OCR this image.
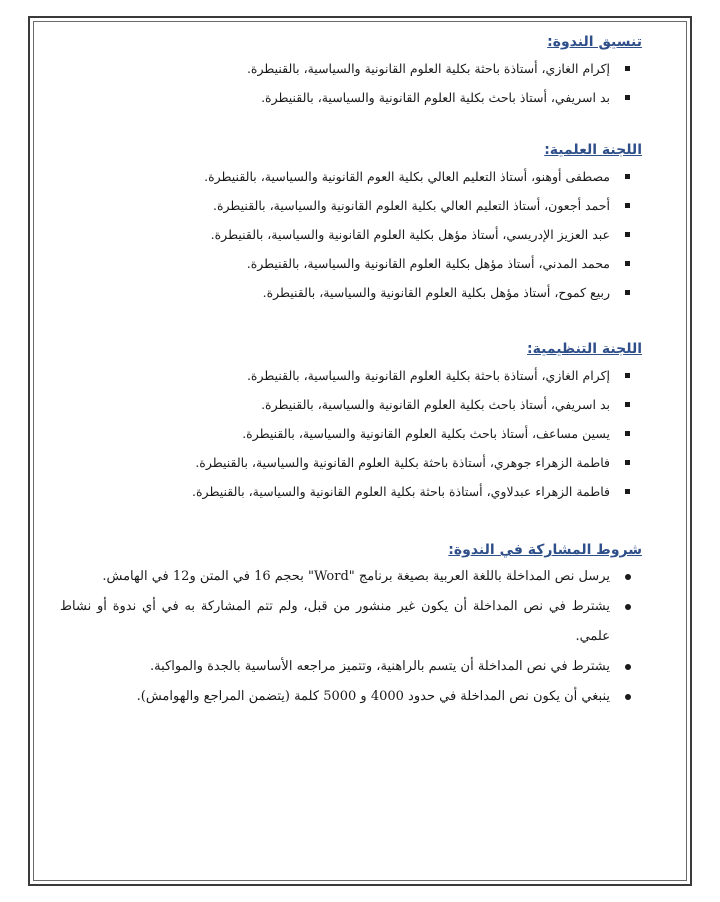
تنسيق الندوة:
إكرام الغازي، أستاذة باحثة بكلية العلوم القانونية والسياسية، بالقنيطرة.
بد اسريفي، أستاذ باحث بكلية العلوم القانونية والسياسية، بالقنيطرة.
اللجنة العلمية:
مصطفى أوهنو، أستاذ التعليم العالي بكلية العوم القانونية والسياسية، بالقنيطرة.
أحمد أجعون، أستاذ التعليم العالي بكلية العلوم القانونية والسياسية، بالقنيطرة.
عبد العزيز الإدريسي، أستاذ مؤهل بكلية العلوم القانونية والسياسية، بالقنيطرة.
محمد المدني، أستاذ مؤهل بكلية العلوم القانونية والسياسية، بالقنيطرة.
ربيع كموح، أستاذ مؤهل بكلية العلوم القانونية والسياسية، بالقنيطرة.
اللجنة التنظيمية:
إكرام الغازي، أستاذة باحثة بكلية العلوم القانونية والسياسية، بالقنيطرة.
بد اسريفي، أستاذ باحث بكلية العلوم القانونية والسياسية، بالقنيطرة.
يسين مساعف، أستاذ باحث بكلية العلوم القانونية والسياسية، بالقنيطرة.
فاطمة الزهراء جوهري، أستاذة باحثة بكلية العلوم القانونية والسياسية، بالقنيطرة.
فاطمة الزهراء عبدلاوي، أستاذة باحثة بكلية العلوم القانونية والسياسية، بالقنيطرة.
شروط المشاركة في الندوة:
يرسل نص المداخلة باللغة العربية بصيغة برنامج "Word" بحجم 16 في المتن و12 في الهامش.
يشترط في نص المداخلة أن يكون غير منشور من قبل، ولم تتم المشاركة به في أي ندوة أو نشاط علمي.
يشترط في نص المداخلة أن يتسم بالراهنية، وتتميز مراجعه الأساسية بالجدة والمواكبة.
ينبغي أن يكون نص المداخلة في حدود 4000 و 5000 كلمة (يتضمن المراجع والهوامش).
